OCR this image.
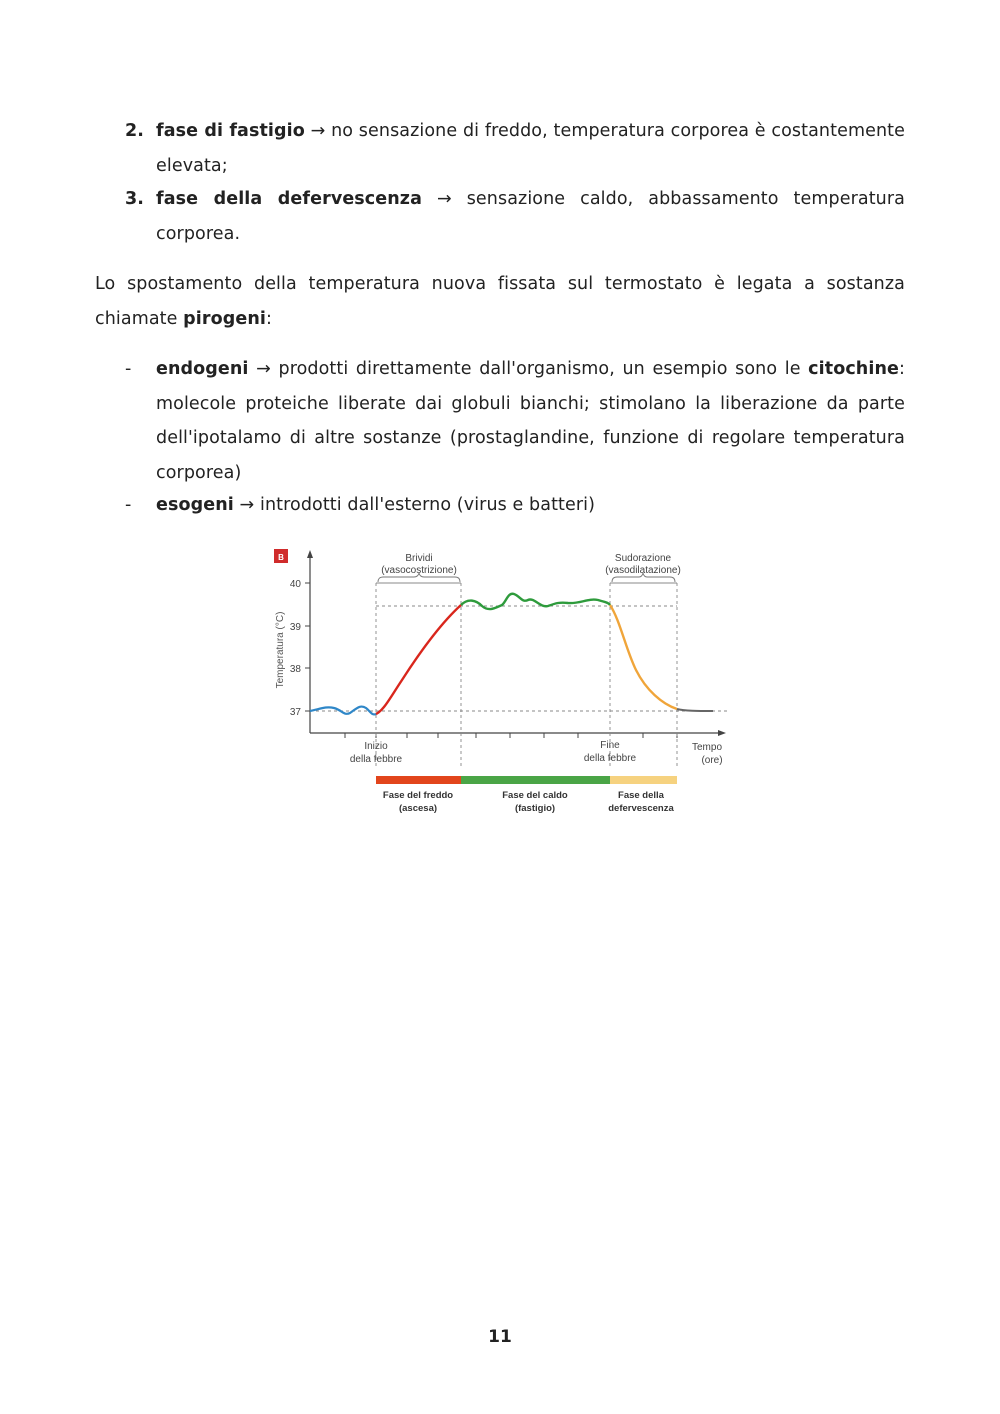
2. fase di fastigio → no sensazione di freddo, temperatura corporea è costantemente elevata;
3. fase della defervescenza → sensazione caldo, abbassamento temperatura corporea.
Lo spostamento della temperatura nuova fissata sul termostato è legata a sostanza chiamate pirogeni:
- endogeni → prodotti direttamente dall'organismo, un esempio sono le citochine: molecole proteiche liberate dai globuli bianchi; stimolano la liberazione da parte dell'ipotalamo di altre sostanze (prostaglandine, funzione di regolare temperatura corporea)
- esogeni → introdotti dall'esterno (virus e batteri)
B
Temperatura (°C)
37
38
39
40
Brividi
(vasocostrizione)
Sudorazione
(vasodilatazione)
Inizio
della febbre
Fine
della febbre
Tempo
(ore)
Fase del freddo
(ascesa)
Fase del caldo
(fastigio)
Fase della
defervescenza
11
